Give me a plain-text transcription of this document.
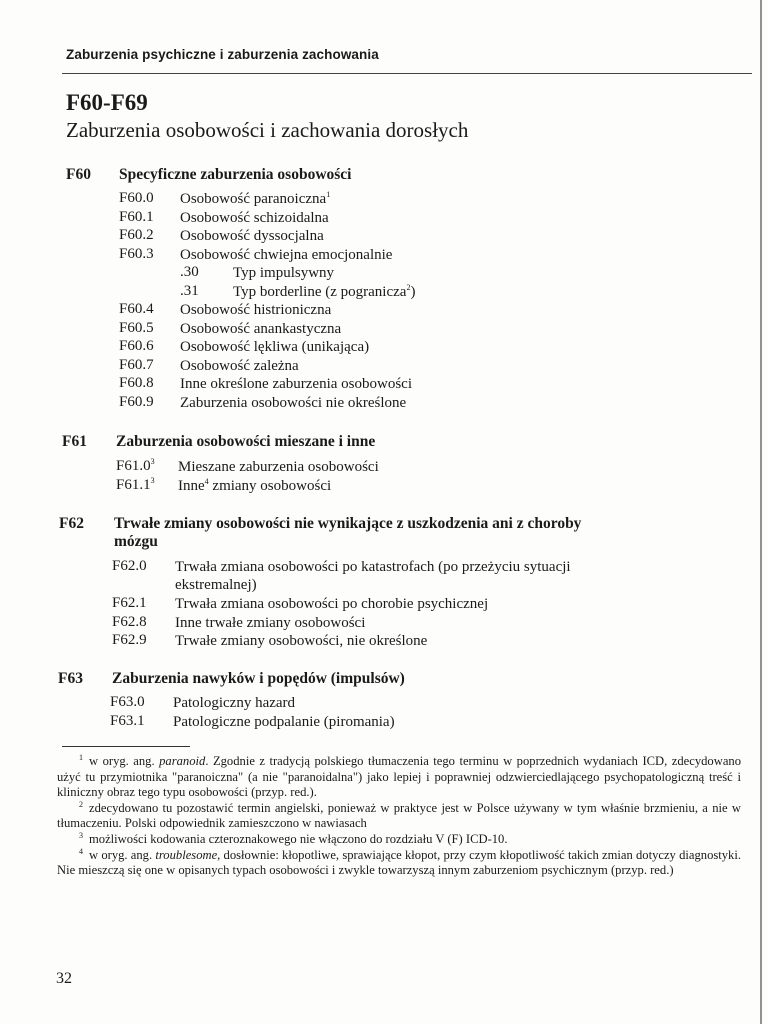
Zaburzenia psychiczne i zaburzenia zachowania
F60-F69
Zaburzenia osobowości i zachowania dorosłych
F60 Specyficzne zaburzenia osobowości
F60.0 Osobowość paranoiczna$^1$
F60.1 Osobowość schizoidalna
F60.2 Osobowość dyssocjalna
F60.3 Osobowość chwiejna emocjonalnie
.30 Typ impulsywny
.31 Typ borderline (z pogranicza$^2$)
F60.4 Osobowość histrioniczna
F60.5 Osobowość anankastyczna
F60.6 Osobowość lękliwa (unikająca)
F60.7 Osobowość zależna
F60.8 Inne określone zaburzenia osobowości
F60.9 Zaburzenia osobowości nie określone
F61 Zaburzenia osobowości mieszane i inne
F61.0$^3$ Mieszane zaburzenia osobowości
F61.1$^3$ Inne$^4$ zmiany osobowości
F62 Trwałe zmiany osobowości nie wynikające z uszkodzenia ani z choroby
mózgu
F62.0 Trwała zmiana osobowości po katastrofach (po przeżyciu sytuacji
ekstremalnej)
F62.1 Trwała zmiana osobowości po chorobie psychicznej
F62.8 Inne trwałe zmiany osobowości
F62.9 Trwałe zmiany osobowości, nie określone
F63 Zaburzenia nawyków i popędów (impulsów)
F63.0 Patologiczny hazard
F63.1 Patologiczne podpalanie (piromania)

$^1$ w oryg. ang. paranoid. Zgodnie z tradycją polskiego tłumaczenia tego terminu w poprzednich wydaniach ICD, zdecydowano użyć tu przymiotnika "paranoiczna" (a nie "paranoidalna") jako lepiej i poprawniej odzwierciedlającego psychopatologiczną treść i kliniczny obraz tego typu osobowości (przyp. red.).

$^2$ zdecydowano tu pozostawić termin angielski, ponieważ w praktyce jest w Polsce używany w tym właśnie brzmieniu, a nie w tłumaczeniu. Polski odpowiednik zamieszczono w nawiasach

$^3$ możliwości kodowania czteroznakowego nie włączono do rozdziału V (F) ICD-10.

$^4$ w oryg. ang. troublesome, dosłownie: kłopotliwe, sprawiające kłopot, przy czym kłopotliwość takich zmian dotyczy diagnostyki. Nie mieszczą się one w opisanych typach osobowości i zwykle towarzyszą innym zaburzeniom psychicznym (przyp. red.)

32
